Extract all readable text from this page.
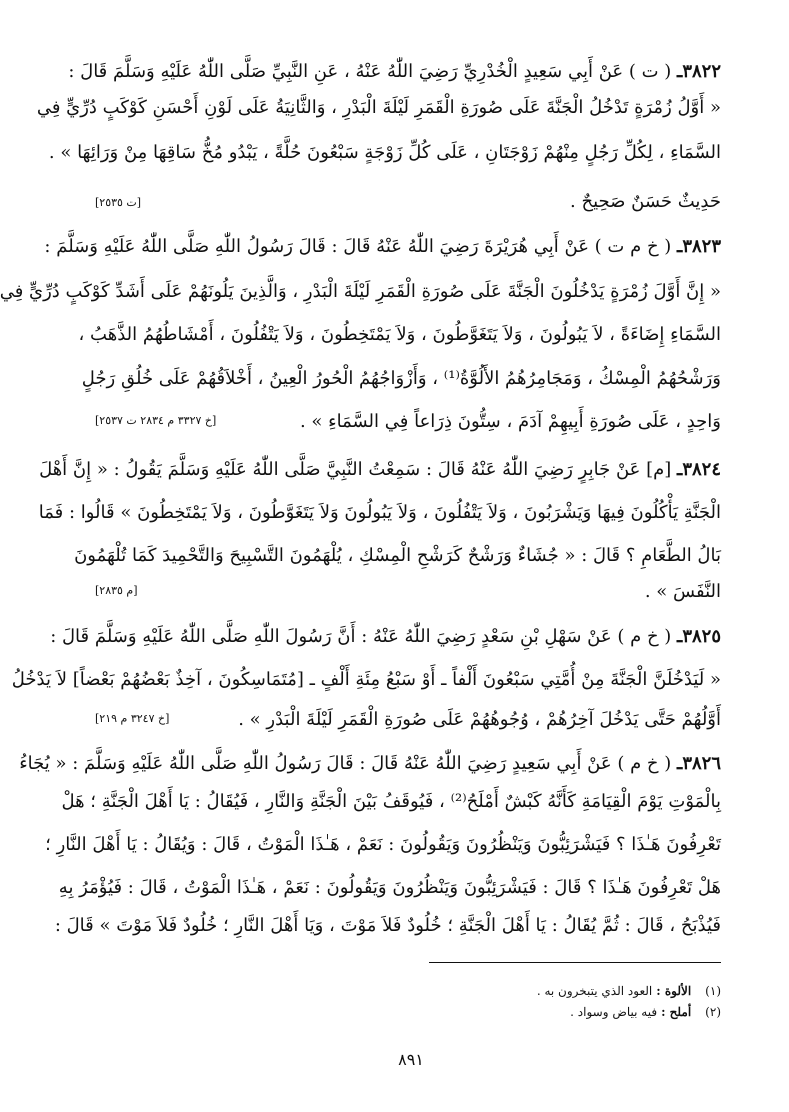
٣٨٢٢ـ ( ت ) عَنْ أَبِي سَعِيدٍ الْخُدْرِيِّ رَضِيَ اللّٰهُ عَنْهُ ، عَنِ النَّبِيِّ صَلَّى اللّٰهُ عَلَيْهِ وَسَلَّمَ قَالَ :
« أَوَّلُ زُمْرَةٍ تَدْخُلُ الْجَنَّةَ عَلَى صُورَةِ الْقَمَرِ لَيْلَةَ الْبَدْرِ ، وَالثَّانِيَةُ عَلَى لَوْنِ أَحْسَنِ كَوْكَبٍ دُرِّيٍّ فِي
السَّمَاءِ ، لِكُلِّ رَجُلٍ مِنْهُمْ زَوْجَتَانِ ، عَلَى كُلِّ زَوْجَةٍ سَبْعُونَ حُلَّةً ، يَبْدُو مُخُّ سَاقِهَا مِنْ وَرَائِهَا » .
حَدِيثٌ حَسَنٌ صَحِيحٌ .
[ت ٢٥٣٥]
٣٨٢٣ـ ( خ م ت ) عَنْ أَبِي هُرَيْرَةَ رَضِيَ اللّٰهُ عَنْهُ قَالَ : قَالَ رَسُولُ اللّٰهِ صَلَّى اللّٰهُ عَلَيْهِ وَسَلَّمَ :
« إِنَّ أَوَّلَ زُمْرَةٍ يَدْخُلُونَ الْجَنَّةَ عَلَى صُورَةِ الْقَمَرِ لَيْلَةَ الْبَدْرِ ، وَالَّذِينَ يَلُونَهُمْ عَلَى أَشَدِّ كَوْكَبٍ دُرِّيٍّ فِي
السَّمَاءِ إِضَاءَةً ، لاَ يَبُولُونَ ، وَلاَ يَتَغَوَّطُونَ ، وَلاَ يَمْتَخِطُونَ ، وَلاَ يَتْفُلُونَ ، أَمْشَاطُهُمُ الذَّهَبُ ،
وَرَشْحُهُمُ الْمِسْكُ ، وَمَجَامِرُهُمُ الأَلُوَّةُ⁽¹⁾ ، وَأَزْوَاجُهُمُ الْحُورُ الْعِينُ ، أَخْلاَقُهُمْ عَلَى خُلُقِ رَجُلٍ
وَاحِدٍ ، عَلَى صُورَةِ أَبِيهِمْ آدَمَ ، سِتُّونَ ذِرَاعاً فِي السَّمَاءِ » .
[خ ٣٣٢٧ م ٢٨٣٤ ت ٢٥٣٧]
٣٨٢٤ـ [م] عَنْ جَابِرٍ رَضِيَ اللّٰهُ عَنْهُ قَالَ : سَمِعْتُ النَّبِيَّ صَلَّى اللّٰهُ عَلَيْهِ وَسَلَّمَ يَقُولُ : « إِنَّ أَهْلَ
الْجَنَّةِ يَأْكُلُونَ فِيهَا وَيَشْرَبُونَ ، وَلاَ يَتْفُلُونَ ، وَلاَ يَبُولُونَ وَلاَ يَتَغَوَّطُونَ ، وَلاَ يَمْتَخِطُونَ » قَالُوا : فَمَا
بَالُ الطَّعَامِ ؟ قَالَ : « جُشَاءٌ وَرَشْحٌ كَرَشْحِ الْمِسْكِ ، يُلْهَمُونَ التَّسْبِيحَ وَالتَّحْمِيدَ كَمَا تُلْهَمُونَ
النَّفَسَ » .
[م ٢٨٣٥]
٣٨٢٥ـ ( خ م ) عَنْ سَهْلِ بْنِ سَعْدٍ رَضِيَ اللّٰهُ عَنْهُ : أَنَّ رَسُولَ اللّٰهِ صَلَّى اللّٰهُ عَلَيْهِ وَسَلَّمَ قَالَ :
« لَيَدْخُلَنَّ الْجَنَّةَ مِنْ أُمَّتِي سَبْعُونَ أَلْفاً ـ أَوْ سَبْعُ مِئَةِ أَلْفٍ ـ [مُتَمَاسِكُونَ ، آخِذٌ بَعْضُهُمْ بَعْضاً] لاَ يَدْخُلُ
أَوَّلُهُمْ حَتَّى يَدْخُلَ آخِرُهُمْ ، وُجُوهُهُمْ عَلَى صُورَةِ الْقَمَرِ لَيْلَةَ الْبَدْرِ » .
[خ ٣٢٤٧ م ٢١٩]
٣٨٢٦ـ ( خ م ) عَنْ أَبِي سَعِيدٍ رَضِيَ اللّٰهُ عَنْهُ قَالَ : قَالَ رَسُولُ اللّٰهِ صَلَّى اللّٰهُ عَلَيْهِ وَسَلَّمَ : « يُجَاءُ
بِالْمَوْتِ يَوْمَ الْقِيَامَةِ كَأَنَّهُ كَبْشٌ أَمْلَحُ⁽²⁾ ، فَيُوقَفُ بَيْنَ الْجَنَّةِ وَالنَّارِ ، فَيُقَالُ : يَا أَهْلَ الْجَنَّةِ ؛ هَلْ
تَعْرِفُونَ هَـٰذَا ؟ فَيَشْرَئِبُّونَ وَيَنْظُرُونَ وَيَقُولُونَ : نَعَمْ ، هَـٰذَا الْمَوْتُ ، قَالَ : وَيُقَالُ : يَا أَهْلَ النَّارِ ؛
هَلْ تَعْرِفُونَ هَـٰذَا ؟ قَالَ : فَيَشْرَئِبُّونَ وَيَنْظُرُونَ وَيَقُولُونَ : نَعَمْ ، هَـٰذَا الْمَوْتُ ، قَالَ : فَيُؤْمَرُ بِهِ
فَيُذْبَحُ ، قَالَ : ثُمَّ يُقَالُ : يَا أَهْلَ الْجَنَّةِ ؛ خُلُودٌ فَلاَ مَوْتَ ، وَيَا أَهْلَ النَّارِ ؛ خُلُودٌ فَلاَ مَوْتَ » قَالَ :
(١)الألوة :العود الذي يتبخرون به .
(٢)أملح :فيه بياض وسواد .
٨٩١
